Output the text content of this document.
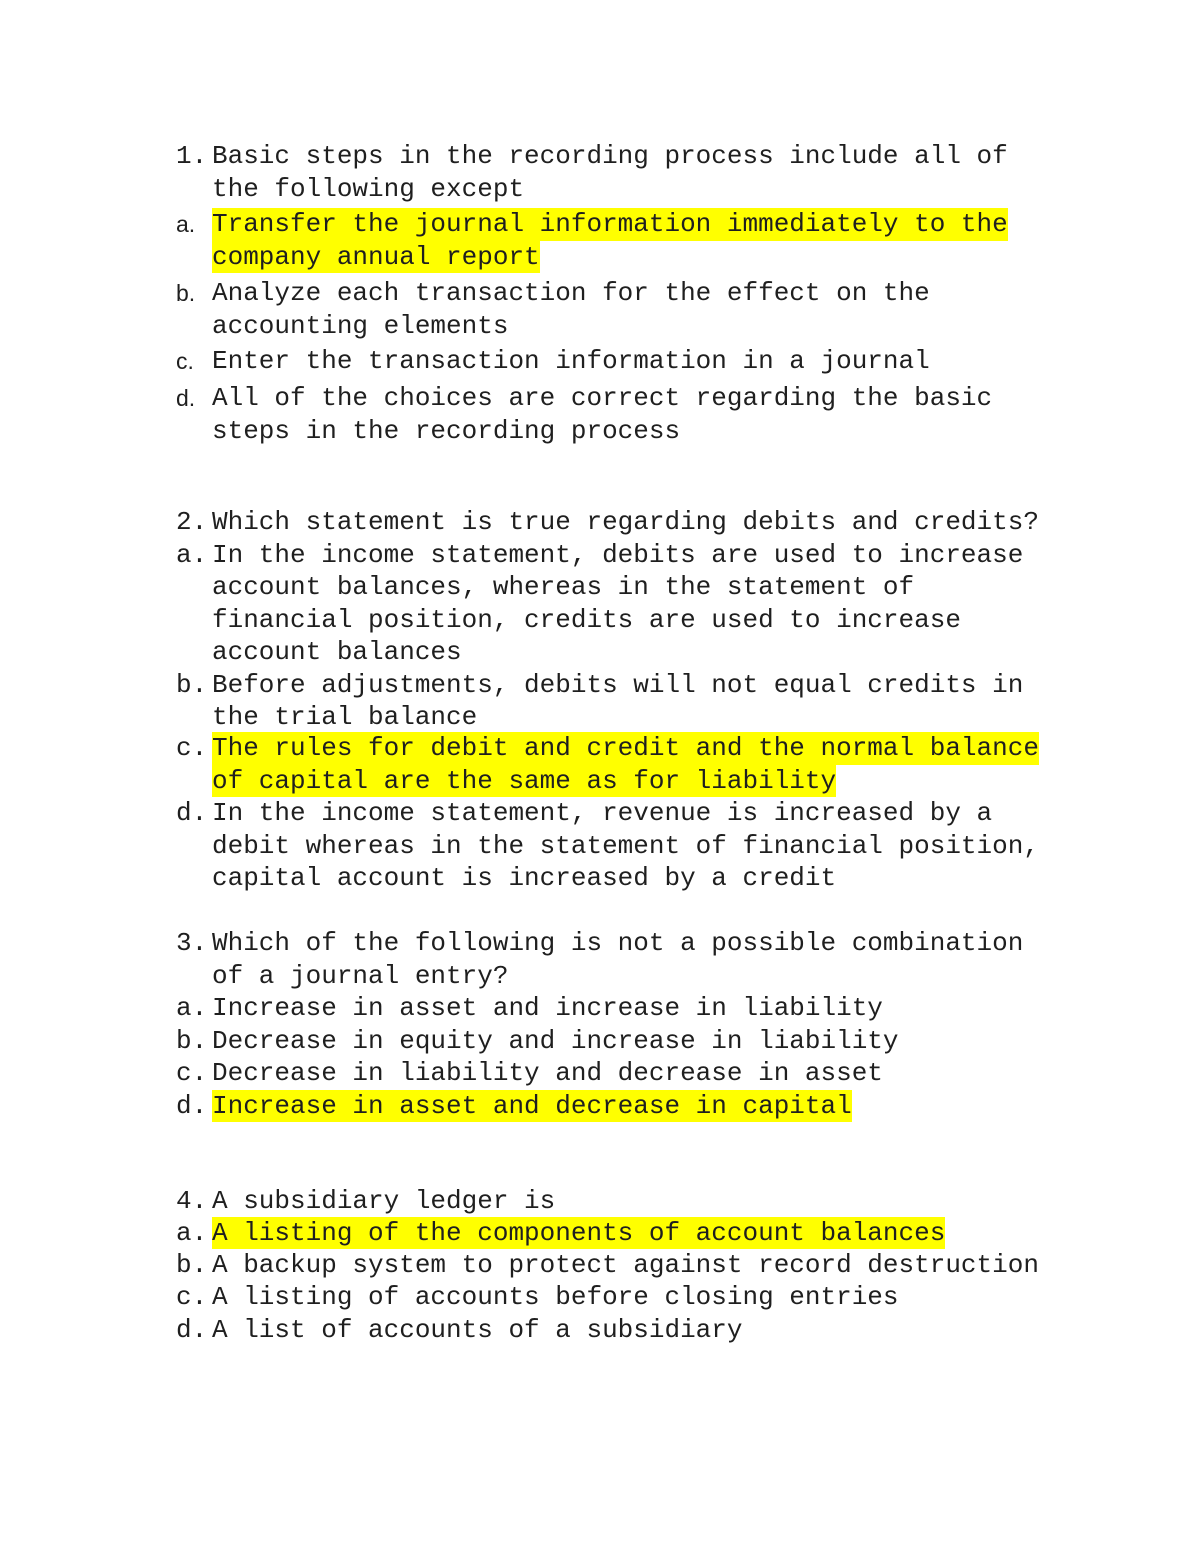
1. Basic steps in the recording process include all of
the following except
a. Transfer the journal information immediately to the
company annual report
b. Analyze each transaction for the effect on the
accounting elements
c. Enter the transaction information in a journal
d. All of the choices are correct regarding the basic
steps in the recording process
2. Which statement is true regarding debits and credits?
a. In the income statement, debits are used to increase
account balances, whereas in the statement of
financial position, credits are used to increase
account balances
b. Before adjustments, debits will not equal credits in
the trial balance
c. The rules for debit and credit and the normal balance
of capital are the same as for liability
d. In the income statement, revenue is increased by a
debit whereas in the statement of financial position,
capital account is increased by a credit
3. Which of the following is not a possible combination
of a journal entry?
a. Increase in asset and increase in liability
b. Decrease in equity and increase in liability
c. Decrease in liability and decrease in asset
d. Increase in asset and decrease in capital
4. A subsidiary ledger is
a. A listing of the components of account balances
b. A backup system to protect against record destruction
c. A listing of accounts before closing entries
d. A list of accounts of a subsidiary
